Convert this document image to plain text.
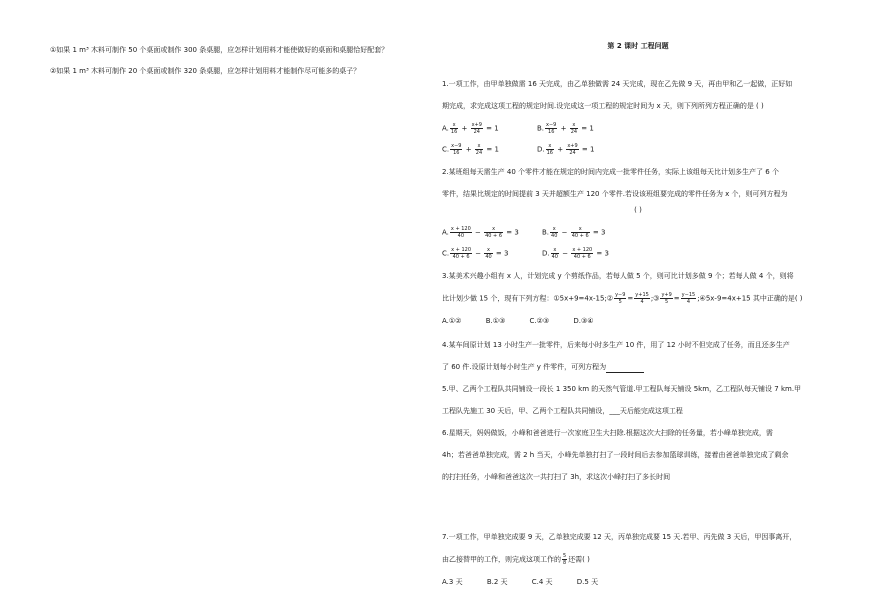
①如果 1 m³ 木料可制作 50 个桌面或制作 300 条桌腿，应怎样计划用料才能使做好的桌面和桌腿恰好配套？
②如果 1 m³ 木料可制作 20 个桌面或制作 320 条桌腿，应怎样计划用料才能制作尽可能多的桌子？
第 2 课时 工程问题

1.一项工作，由甲单独做需 16 天完成，由乙单独做需 24 天完成，现在乙先做 9 天，再由甲和乙一起做，正好如

期完成，求完成这项工程的规定时间.设完成这一项工程的规定时间为 x 天，则下列所列方程正确的是 ( )

A. $\frac{x}{16} + \frac{x+9}{24} = 1$	B. $\frac{x-9}{16} + \frac{x}{24} = 1$
C. $\frac{x-9}{16} + \frac{x}{24} = 1$	D. $\frac{x}{16} + \frac{x+9}{24} = 1$

2.某班组每天需生产 40 个零件才能在规定的时间内完成一批零件任务，实际上该组每天比计划多生产了 6 个

零件，结果比规定的时间提前 3 天并超额生产 120 个零件.若设该班组要完成的零件任务为 x 个，则可列方程为

( )
A. $\frac{x + 120}{40} - \frac{x}{40 + 6} = 3$	B. $\frac{x}{40} - \frac{x}{40 + 6} = 3$
C. $\frac{x + 120}{40 + 6} - \frac{x}{40} = 3$	D. $\frac{x}{40} - \frac{x + 120}{40 + 6} = 3$

3.某美术兴趣小组有 x 人，计划完成 y 个剪纸作品，若每人做 5 个，则可比计划多做 9 个；若每人做 4 个，则将

比计划少做 15 个，现有下列方程：①5x+9=4x-15;② $\frac{y-9}{5} = \frac{y+15}{4}$ ;③ $\frac{y+9}{5} = \frac{y-15}{4}$ ;④5x-9=4x+15 其中正确的是( )

A.①②	B.①③	C.②③	D.③④

4.某车间原计划 13 小时生产一批零件，后来每小时多生产 10 件，用了 12 小时不但完成了任务，而且还多生产

了 60 件.设原计划每小时生产 y 件零件，可列方程为

5.甲、乙两个工程队共同铺设一段长 1 350 km 的天然气管道.甲工程队每天铺设 5km，乙工程队每天铺设 7 km.甲

工程队先施工 30 天后，甲、乙两个工程队共同铺设，___天后能完成这项工程

6.星期天，妈妈做饭，小峰和爸爸进行一次家庭卫生大扫除.根据这次大扫除的任务量，若小峰单独完成，需

4h；若爸爸单独完成，需 2 h 当天，小峰先单独打扫了一段时间后去参加篮球训练，接着由爸爸单独完成了剩余

的打扫任务，小峰和爸爸这次一共打扫了 3h，求这次小峰打扫了多长时间

7.一项工作，甲单独完成要 9 天，乙单独完成要 12 天，丙单独完成要 15 天.若甲、丙先做 3 天后，甲因事离开，

由乙接替甲的工作，则完成这项工作的 $\frac{5}{8}$ 还需( )

A.3 天	B.2 天	C.4 天	D.5 天
